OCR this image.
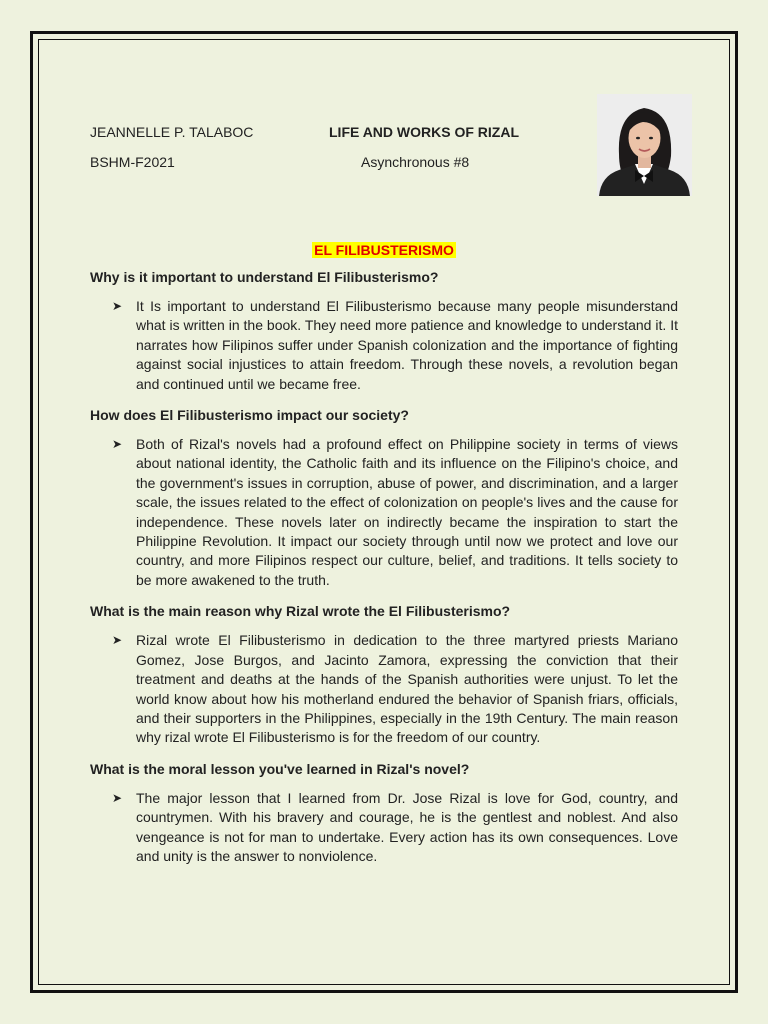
JEANNELLE P. TALABOC	LIFE AND WORKS OF RIZAL
BSHM-F2021	Asynchronous #8
EL FILIBUSTERISMO
Why is it important to understand El Filibusterismo?
➤ It Is important to understand El Filibusterismo because many people misunderstand what is written in the book. They need more patience and knowledge to understand it. It narrates how Filipinos suffer under Spanish colonization and the importance of fighting against social injustices to attain freedom. Through these novels, a revolution began and continued until we became free.

How does El Filibusterismo impact our society?
➤ Both of Rizal's novels had a profound effect on Philippine society in terms of views about national identity, the Catholic faith and its influence on the Filipino's choice, and the government's issues in corruption, abuse of power, and discrimination, and a larger scale, the issues related to the effect of colonization on people's lives and the cause for independence. These novels later on indirectly became the inspiration to start the Philippine Revolution. It impact our society through until now we protect and love our country, and more Filipinos respect our culture, belief, and traditions. It tells society to be more awakened to the truth.

What is the main reason why Rizal wrote the El Filibusterismo?
➤ Rizal wrote El Filibusterismo in dedication to the three martyred priests Mariano Gomez, Jose Burgos, and Jacinto Zamora, expressing the conviction that their treatment and deaths at the hands of the Spanish authorities were unjust. To let the world know about how his motherland endured the behavior of Spanish friars, officials, and their supporters in the Philippines, especially in the 19th Century. The main reason why rizal wrote El Filibusterismo is for the freedom of our country.

What is the moral lesson you've learned in Rizal's novel?
➤ The major lesson that I learned from Dr. Jose Rizal is love for God, country, and countrymen. With his bravery and courage, he is the gentlest and noblest. And also vengeance is not for man to undertake. Every action has its own consequences. Love and unity is the answer to nonviolence.
